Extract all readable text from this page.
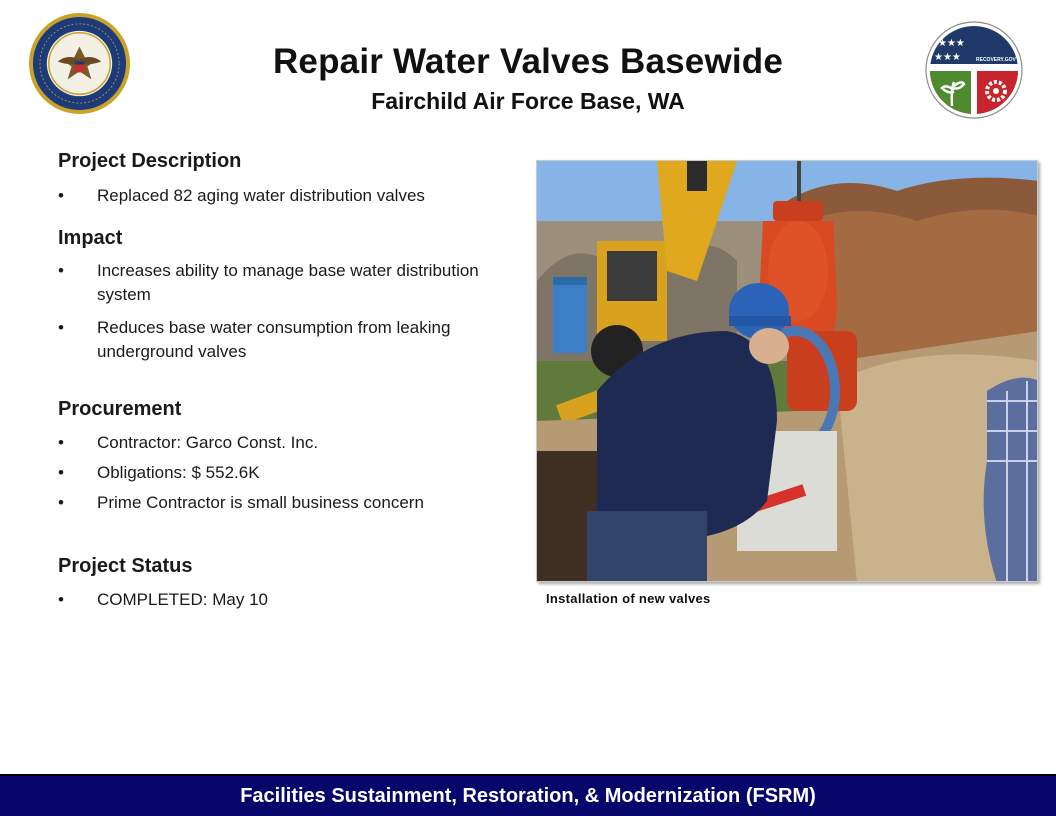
Repair Water Valves Basewide
Fairchild Air Force Base, WA
★★★
★★★	RECOVERY.GOV
Project Description
• Replaced 82 aging water distribution valves
Impact
• Increases ability to manage base water distribution system
• Reduces base water consumption from leaking underground valves
Procurement
• Contractor: Garco Const. Inc.
• Obligations: $ 552.6K
• Prime Contractor is small business concern
Project Status
• COMPLETED: May 10	Installation of new valves
Facilities Sustainment, Restoration, & Modernization (FSRM)
